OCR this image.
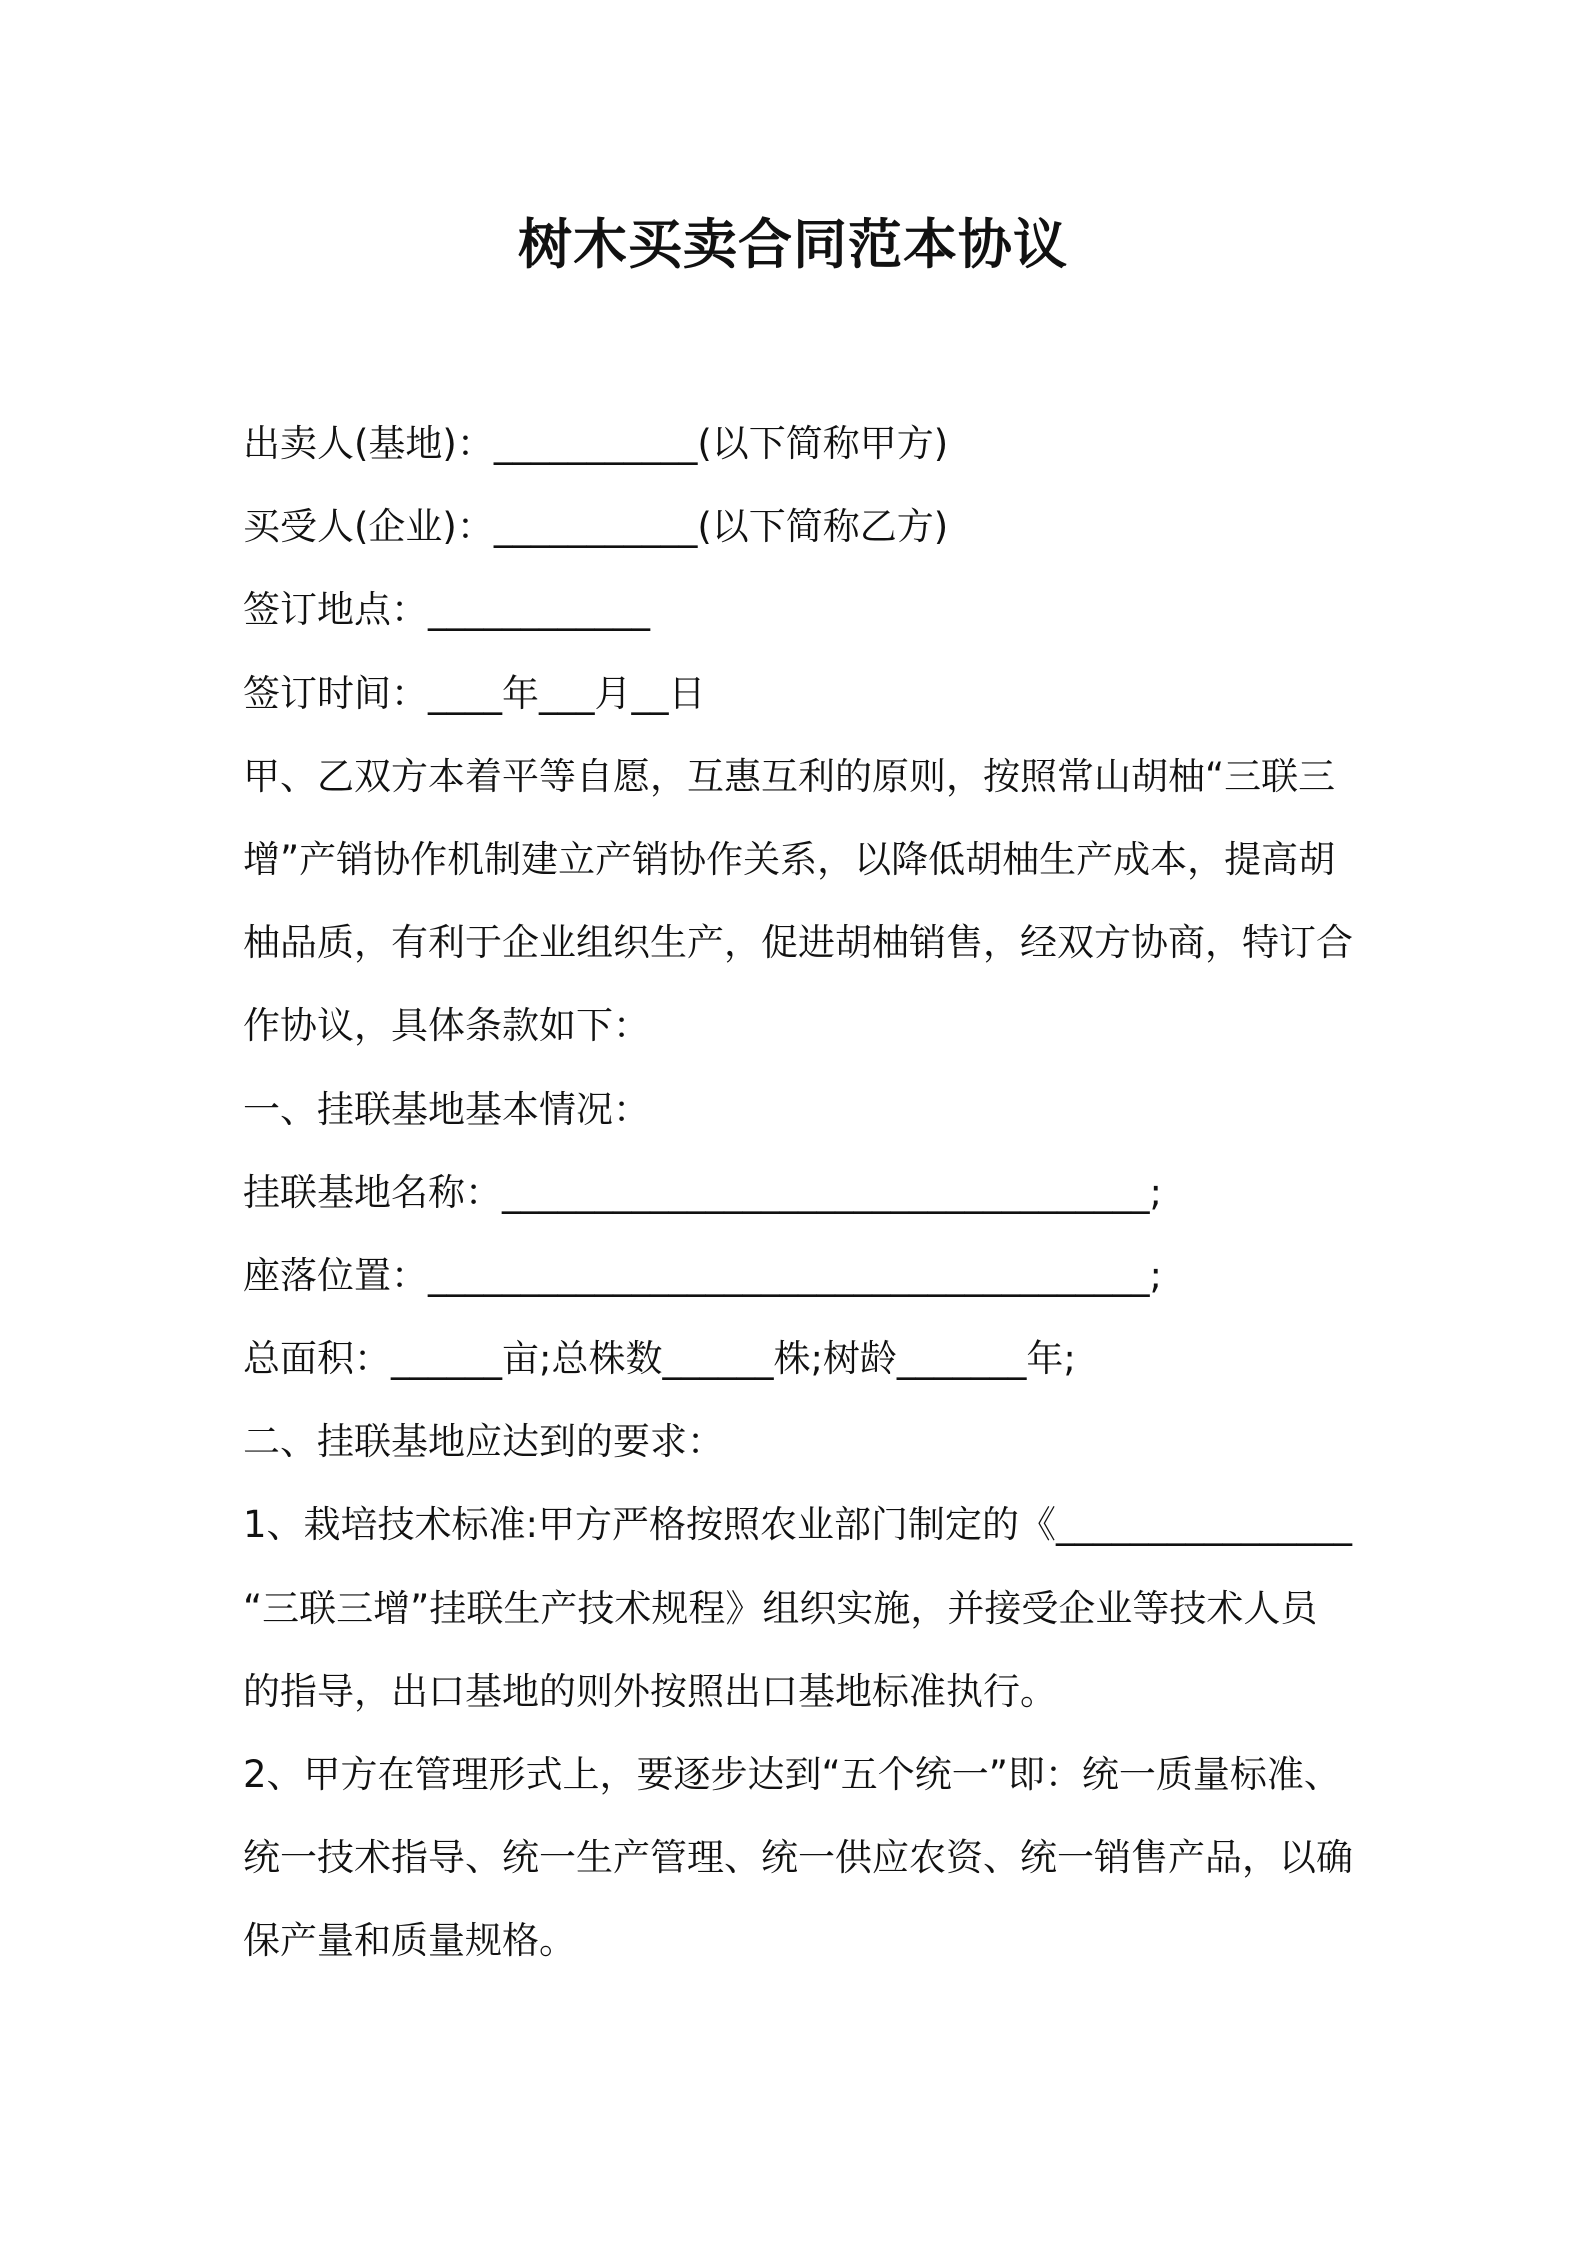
树木买卖合同范本协议

出卖人(基地)：___________(以下简称甲方)

买受人(企业)：___________(以下简称乙方)

签订地点：____________

签订时间：____年___月__日

甲、乙双方本着平等自愿，互惠互利的原则，按照常山胡柚“三联三

增”产销协作机制建立产销协作关系，以降低胡柚生产成本，提高胡

柚品质，有利于企业组织生产，促进胡柚销售，经双方协商，特订合

作协议，具体条款如下：

一、挂联基地基本情况：

挂联基地名称：___________________________________;

座落位置：_______________________________________;

总面积：______亩;总株数______株;树龄_______年;

二、挂联基地应达到的要求：

1、栽培技术标准:甲方严格按照农业部门制定的《________________

“三联三增”挂联生产技术规程》组织实施，并接受企业等技术人员

的指导，出口基地的则外按照出口基地标准执行。

2、甲方在管理形式上，要逐步达到“五个统一”即：统一质量标准、

统一技术指导、统一生产管理、统一供应农资、统一销售产品，以确

保产量和质量规格。
